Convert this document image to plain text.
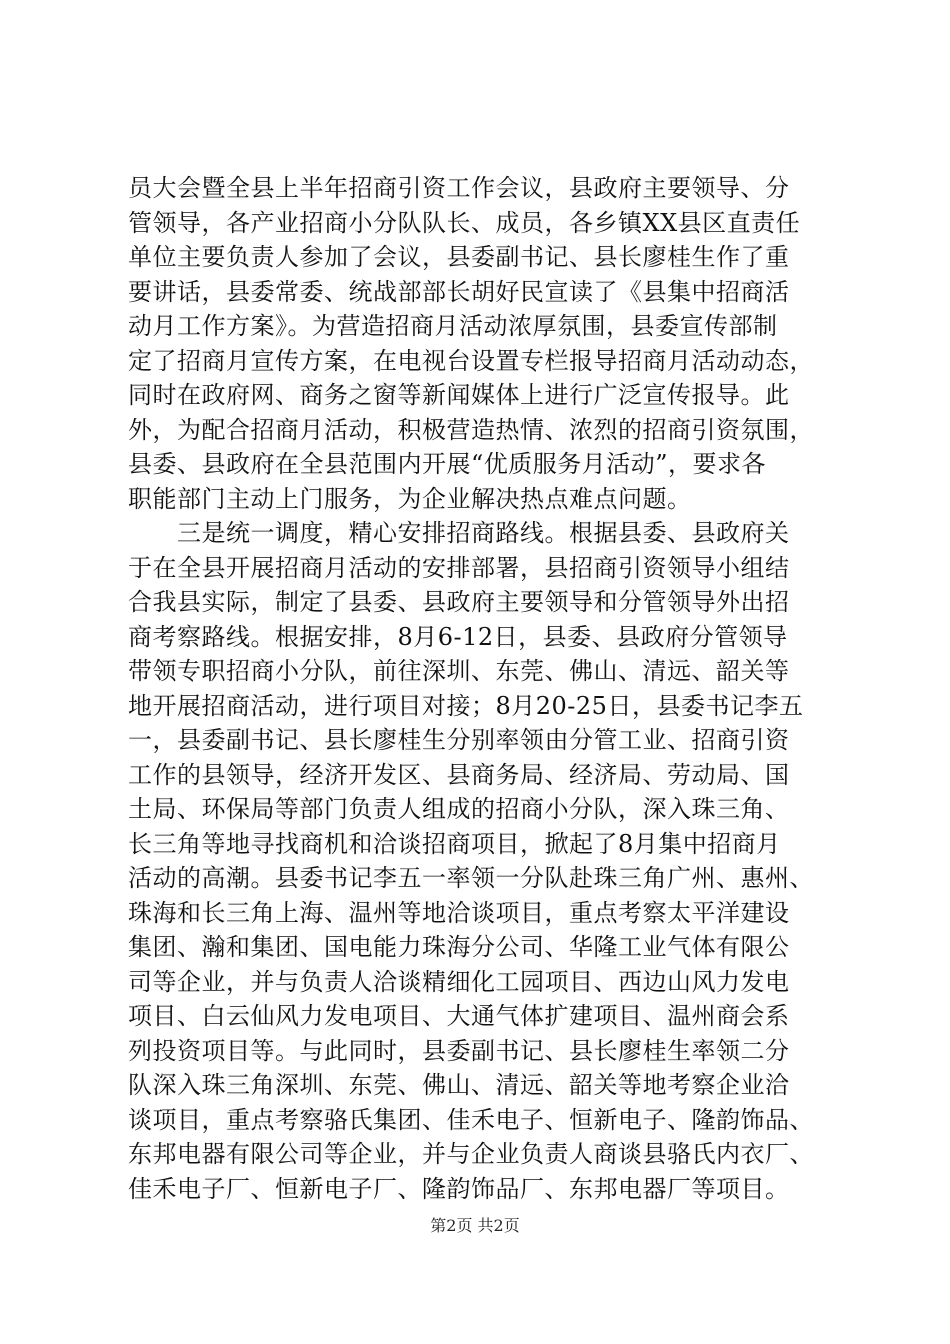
员大会暨全县上半年招商引资工作会议，县政府主要领导、分
管领导，各产业招商小分队队长、成员，各乡镇XX县区直责任
单位主要负责人参加了会议，县委副书记、县长廖桂生作了重
要讲话，县委常委、统战部部长胡好民宣读了《县集中招商活
动月工作方案》。为营造招商月活动浓厚氛围，县委宣传部制
定了招商月宣传方案，在电视台设置专栏报导招商月活动动态，
同时在政府网、商务之窗等新闻媒体上进行广泛宣传报导。此
外，为配合招商月活动，积极营造热情、浓烈的招商引资氛围，
县委、县政府在全县范围内开展“优质服务月活动”，要求各
职能部门主动上门服务，为企业解决热点难点问题。
　　三是统一调度，精心安排招商路线。根据县委、县政府关
于在全县开展招商月活动的安排部署，县招商引资领导小组结
合我县实际，制定了县委、县政府主要领导和分管领导外出招
商考察路线。根据安排，8月6-12日，县委、县政府分管领导
带领专职招商小分队，前往深圳、东莞、佛山、清远、韶关等
地开展招商活动，进行项目对接；8月20-25日，县委书记李五
一，县委副书记、县长廖桂生分别率领由分管工业、招商引资
工作的县领导，经济开发区、县商务局、经济局、劳动局、国
土局、环保局等部门负责人组成的招商小分队，深入珠三角、
长三角等地寻找商机和洽谈招商项目，掀起了8月集中招商月
活动的高潮。县委书记李五一率领一分队赴珠三角广州、惠州、
珠海和长三角上海、温州等地洽谈项目，重点考察太平洋建设
集团、瀚和集团、国电能力珠海分公司、华隆工业气体有限公
司等企业，并与负责人洽谈精细化工园项目、西边山风力发电
项目、白云仙风力发电项目、大通气体扩建项目、温州商会系
列投资项目等。与此同时，县委副书记、县长廖桂生率领二分
队深入珠三角深圳、东莞、佛山、清远、韶关等地考察企业洽
谈项目，重点考察骆氏集团、佳禾电子、恒新电子、隆韵饰品、
东邦电器有限公司等企业，并与企业负责人商谈县骆氏内衣厂、
佳禾电子厂、恒新电子厂、隆韵饰品厂、东邦电器厂等项目。
第2页 共2页
